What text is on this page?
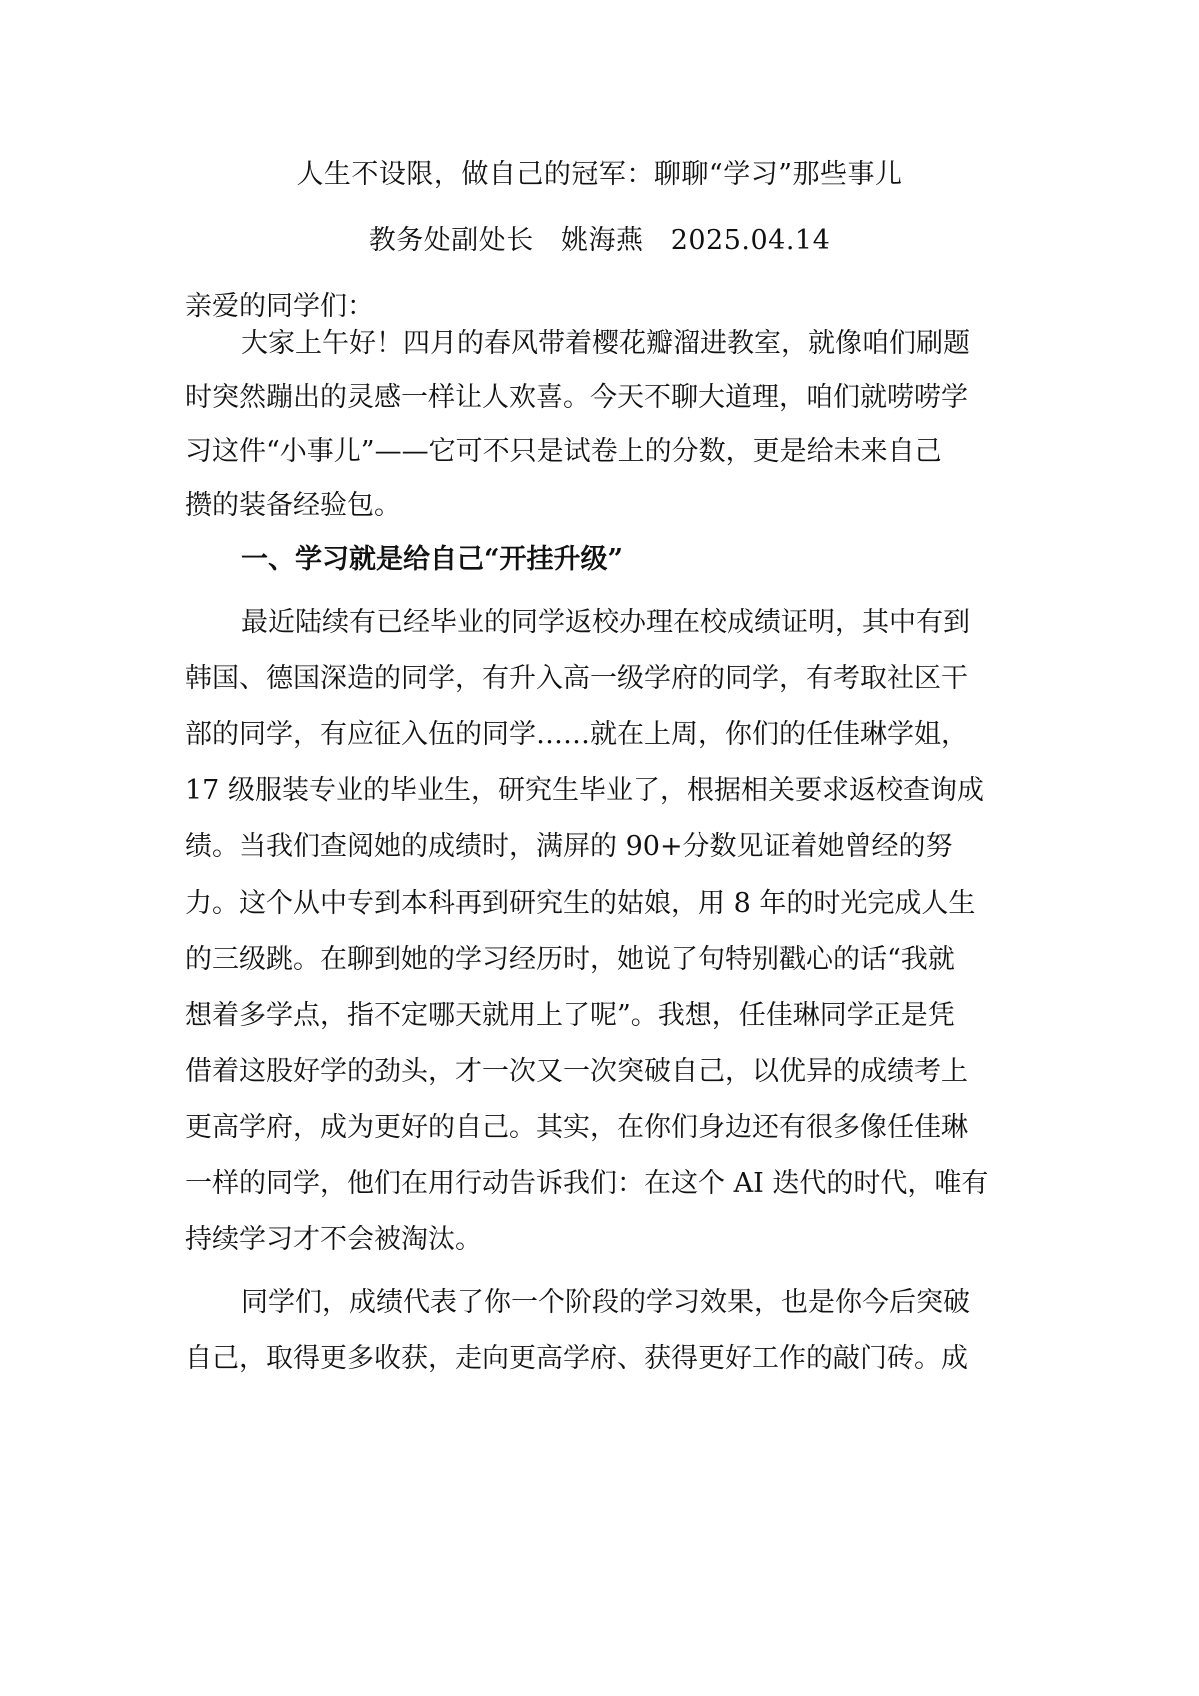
人生不设限，做自己的冠军：聊聊“学习”那些事儿
教务处副处长   姚海燕   2025.04.14
亲爱的同学们：
大家上午好！四月的春风带着樱花瓣溜进教室，就像咱们刷题
时突然蹦出的灵感一样让人欢喜。今天不聊大道理，咱们就唠唠学
习这件“小事儿”——它可不只是试卷上的分数，更是给未来自己
攒的装备经验包。
一、学习就是给自己“开挂升级”
最近陆续有已经毕业的同学返校办理在校成绩证明，其中有到
韩国、德国深造的同学，有升入高一级学府的同学，有考取社区干
部的同学，有应征入伍的同学……就在上周，你们的任佳琳学姐，
17 级服装专业的毕业生，研究生毕业了，根据相关要求返校查询成
绩。当我们查阅她的成绩时，满屏的 90+分数见证着她曾经的努
力。这个从中专到本科再到研究生的姑娘，用 8 年的时光完成人生
的三级跳。在聊到她的学习经历时，她说了句特别戳心的话“我就
想着多学点，指不定哪天就用上了呢”。我想，任佳琳同学正是凭
借着这股好学的劲头，才一次又一次突破自己，以优异的成绩考上
更高学府，成为更好的自己。其实，在你们身边还有很多像任佳琳
一样的同学，他们在用行动告诉我们：在这个 AI 迭代的时代，唯有
持续学习才不会被淘汰。
同学们，成绩代表了你一个阶段的学习效果，也是你今后突破
自己，取得更多收获，走向更高学府、获得更好工作的敲门砖。成
